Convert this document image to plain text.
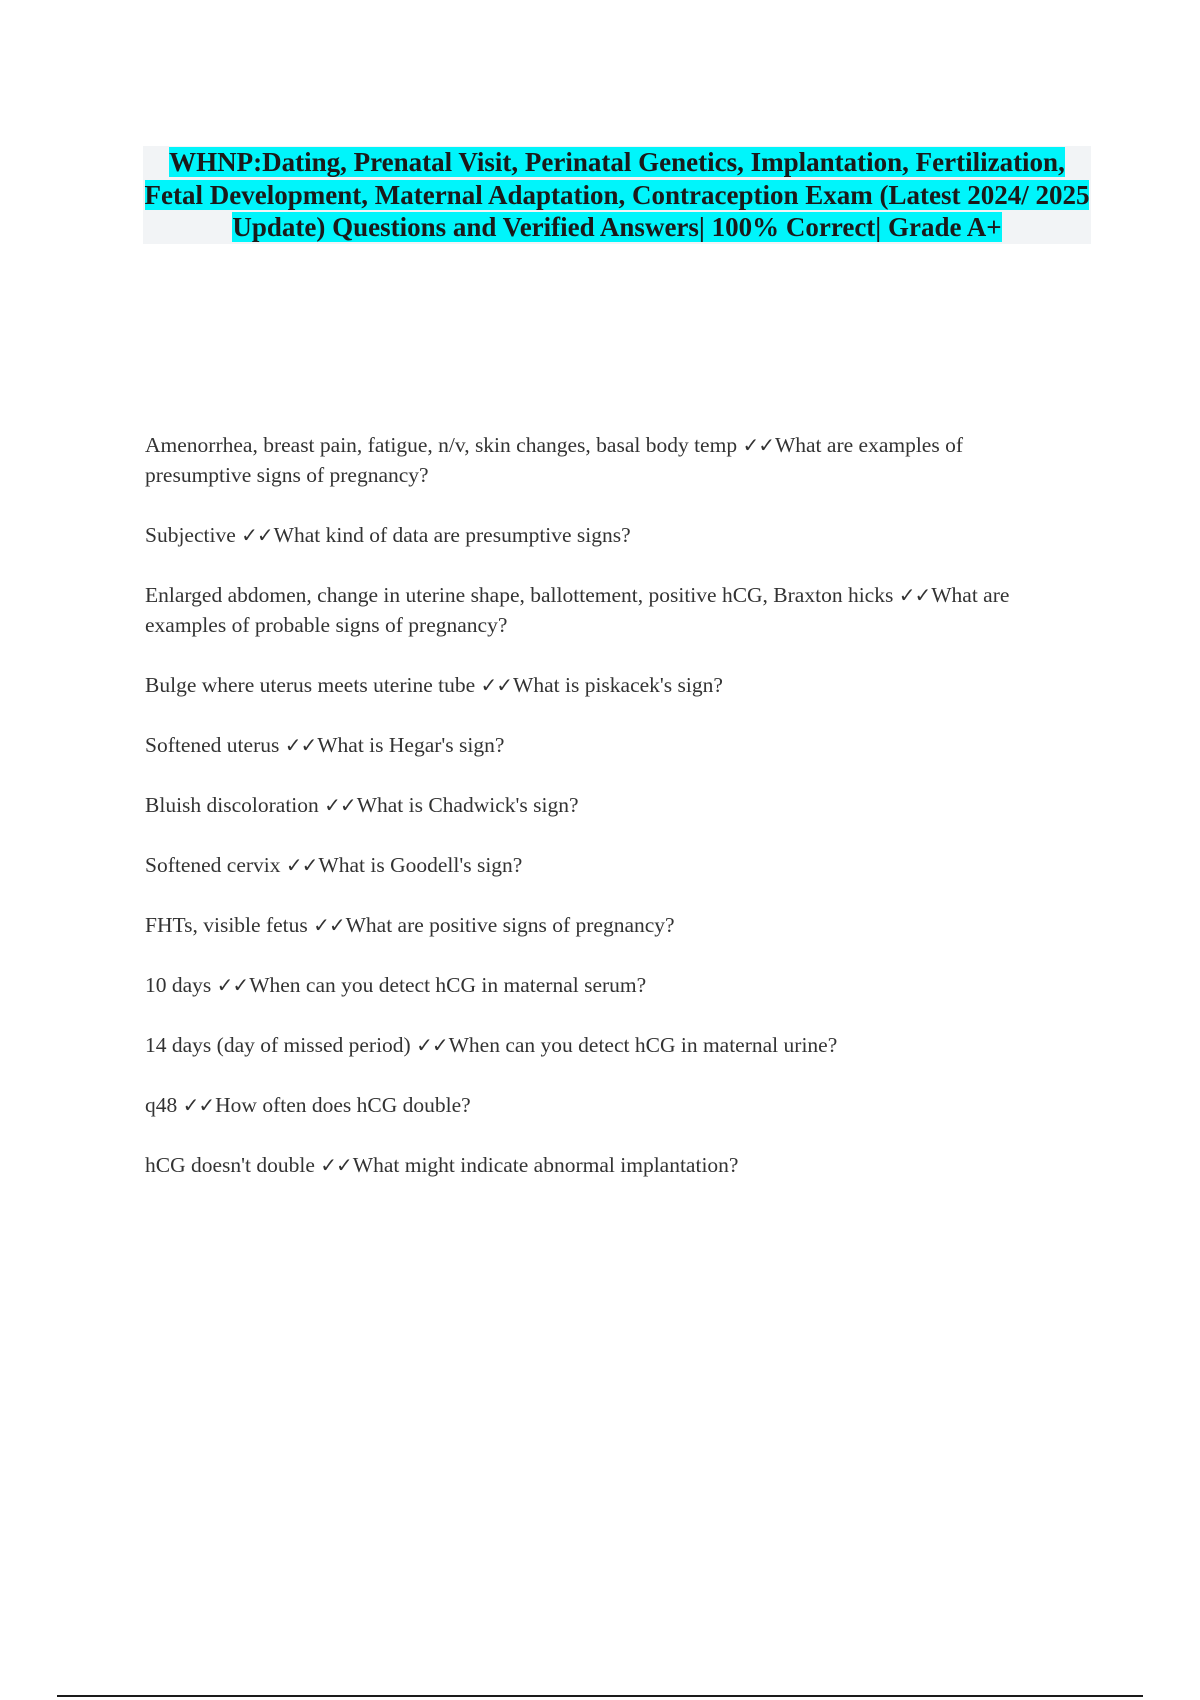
WHNP:Dating, Prenatal Visit, Perinatal Genetics, Implantation, Fertilization, Fetal Development, Maternal Adaptation, Contraception Exam (Latest 2024/ 2025 Update) Questions and Verified Answers| 100% Correct| Grade A+
Amenorrhea, breast pain, fatigue, n/v, skin changes, basal body temp ✓✓What are examples of presumptive signs of pregnancy?
Subjective ✓✓What kind of data are presumptive signs?
Enlarged abdomen, change in uterine shape, ballottement, positive hCG, Braxton hicks ✓✓What are examples of probable signs of pregnancy?
Bulge where uterus meets uterine tube ✓✓What is piskacek's sign?
Softened uterus ✓✓What is Hegar's sign?
Bluish discoloration ✓✓What is Chadwick's sign?
Softened cervix ✓✓What is Goodell's sign?
FHTs, visible fetus ✓✓What are positive signs of pregnancy?
10 days ✓✓When can you detect hCG in maternal serum?
14 days (day of missed period) ✓✓When can you detect hCG in maternal urine?
q48 ✓✓How often does hCG double?
hCG doesn't double ✓✓What might indicate abnormal implantation?
